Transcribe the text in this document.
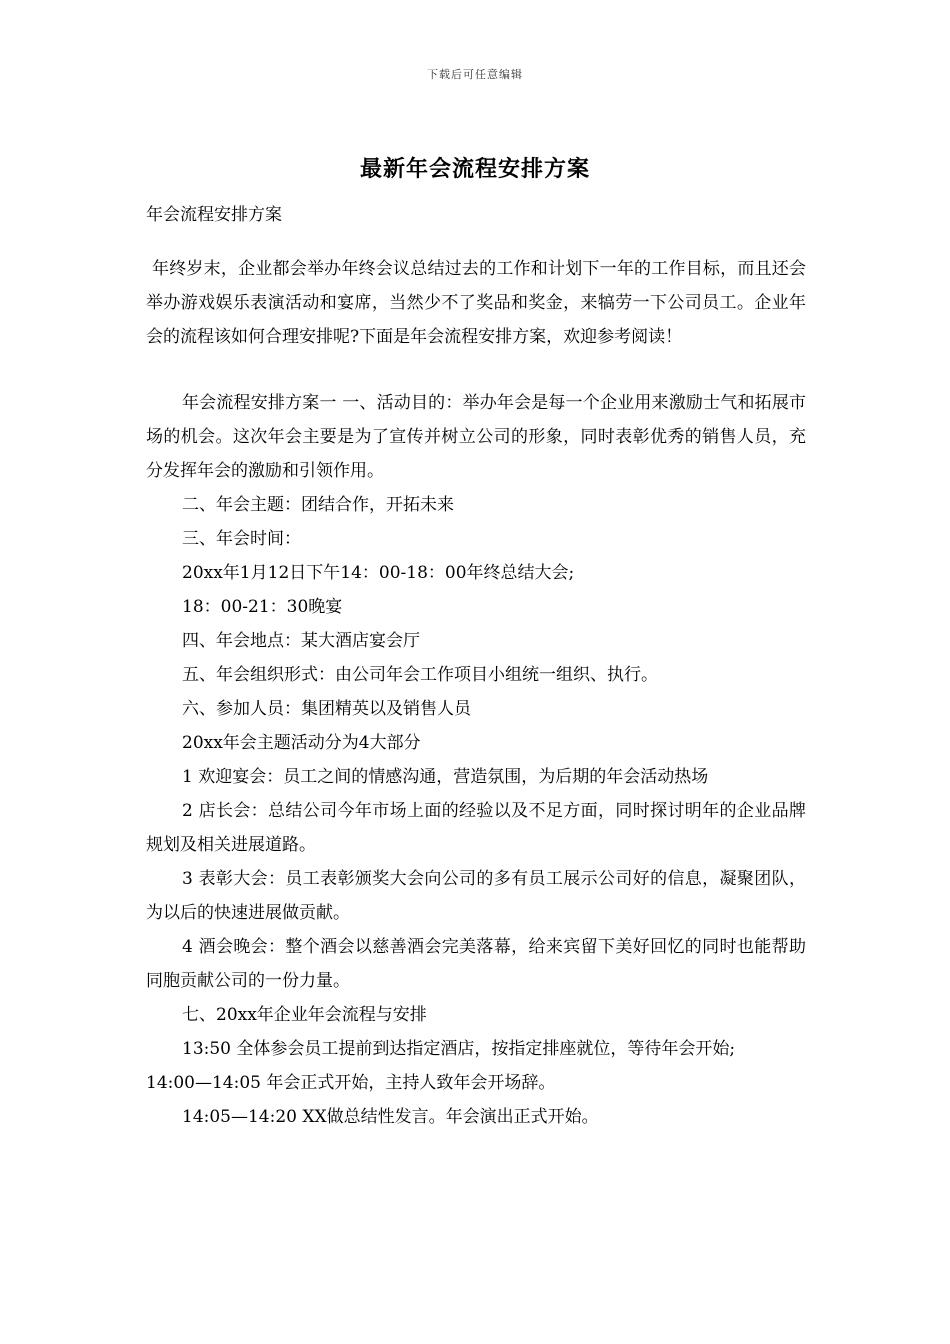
下载后可任意编辑
最新年会流程安排方案

年会流程安排方案

年终岁末，企业都会举办年终会议总结过去的工作和计划下一年的工作目标，而且还会举办游戏娱乐表演活动和宴席，当然少不了奖品和奖金，来犒劳一下公司员工。企业年会的流程该如何合理安排呢?下面是年会流程安排方案，欢迎参考阅读！

年会流程安排方案一 一、活动目的：举办年会是每一个企业用来激励士气和拓展市场的机会。这次年会主要是为了宣传并树立公司的形象，同时表彰优秀的销售人员，充分发挥年会的激励和引领作用。

二、年会主题：团结合作，开拓未来

三、年会时间：

20xx年1月12日下午14：00-18：00年终总结大会;

18：00-21：30晚宴

四、年会地点：某大酒店宴会厅

五、年会组织形式：由公司年会工作项目小组统一组织、执行。

六、参加人员：集团精英以及销售人员

20xx年会主题活动分为4大部分

1 欢迎宴会：员工之间的情感沟通，营造氛围，为后期的年会活动热场

2 店长会：总结公司今年市场上面的经验以及不足方面，同时探讨明年的企业品牌规划及相关进展道路。

3 表彰大会：员工表彰颁奖大会向公司的多有员工展示公司好的信息，凝聚团队，为以后的快速进展做贡献。

4 酒会晚会：整个酒会以慈善酒会完美落幕，给来宾留下美好回忆的同时也能帮助同胞贡献公司的一份力量。

七、20xx年企业年会流程与安排

13:50 全体参会员工提前到达指定酒店，按指定排座就位，等待年会开始;

14:00—14:05 年会正式开始，主持人致年会开场辞。

14:05—14:20 XX做总结性发言。年会演出正式开始。
